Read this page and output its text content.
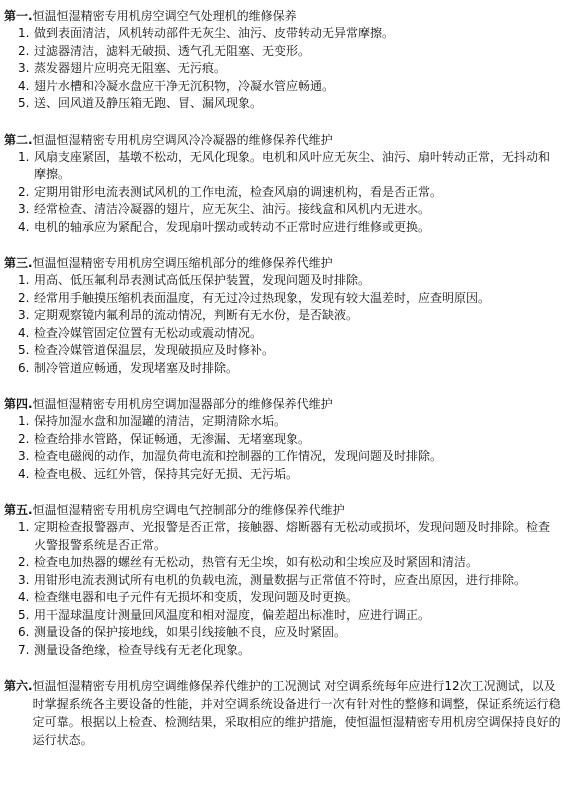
第一. 恒温恒湿精密专用机房空调空气处理机的维修保养
1. 做到表面清洁，风机转动部件无灰尘、油污、皮带转动无异常摩擦。
2. 过滤器清洁，滤料无破损、透气孔无阻塞、无变形。
3. 蒸发器翅片应明亮无阻塞、无污痕。
4. 翅片水槽和冷凝水盘应干净无沉积物，冷凝水管应畅通。
5. 送、回风道及静压箱无跑、冒、漏风现象。
第二. 恒温恒湿精密专用机房空调风冷冷凝器的维修保养代维护
1. 风扇支座紧固，基墩不松动，无风化现象。电机和风叶应无灰尘、油污、扇叶转动正常，无抖动和摩擦。
2. 定期用钳形电流表测试风机的工作电流，检查风扇的调速机构，看是否正常。
3. 经常检查、清洁冷凝器的翅片，应无灰尘、油污。接线盒和风机内无进水。
4. 电机的轴承应为紧配合，发现扇叶摆动或转动不正常时应进行维修或更换。
第三. 恒温恒湿精密专用机房空调压缩机部分的维修保养代维护
1. 用高、低压氟利昂表测试高低压保护装置，发现问题及时排除。
2. 经常用手触摸压缩机表面温度，有无过冷过热现象，发现有较大温差时，应查明原因。
3. 定期观察镜内氟利昂的流动情况，判断有无水份，是否缺液。
4. 检查冷媒管固定位置有无松动或震动情况。
5. 检查冷媒管道保温层，发现破损应及时修补。
6. 制冷管道应畅通，发现堵塞及时排除。
第四. 恒温恒湿精密专用机房空调加湿器部分的维修保养代维护
1. 保持加湿水盘和加湿罐的清洁，定期清除水垢。
2. 检查给排水管路，保证畅通，无渗漏、无堵塞现象。
3. 检查电磁阀的动作，加湿负荷电流和控制器的工作情况，发现问题及时排除。
4. 检查电极、远红外管，保持其完好无损、无污垢。
第五. 恒温恒湿精密专用机房空调电气控制部分的维修保养代维护
1. 定期检查报警器声、光报警是否正常，接触器、熔断器有无松动或损坏，发现问题及时排除。检查火警报警系统是否正常。
2. 检查电加热器的螺丝有无松动，热管有无尘埃，如有松动和尘埃应及时紧固和清洁。
3. 用钳形电流表测试所有电机的负载电流，测量数据与正常值不符时，应查出原因，进行排除。
4. 检查继电器和电子元件有无损坏和变质，发现问题及时更换。
5. 用干湿球温度计测量回风温度和相对湿度，偏差超出标准时，应进行调正。
6. 测量设备的保护接地线，如果引线接触不良，应及时紧固。
7. 测量设备绝缘，检查导线有无老化现象。
第六. 恒温恒湿精密专用机房空调维修保养代维护的工况测试 对空调系统每年应进行12次工况测试，以及时掌握系统各主要设备的性能，并对空调系统设备进行一次有针对性的整修和调整，保证系统运行稳定可靠。根据以上检查、检测结果，采取相应的维护措施，使恒温恒湿精密专用机房空调保持良好的运行状态。
